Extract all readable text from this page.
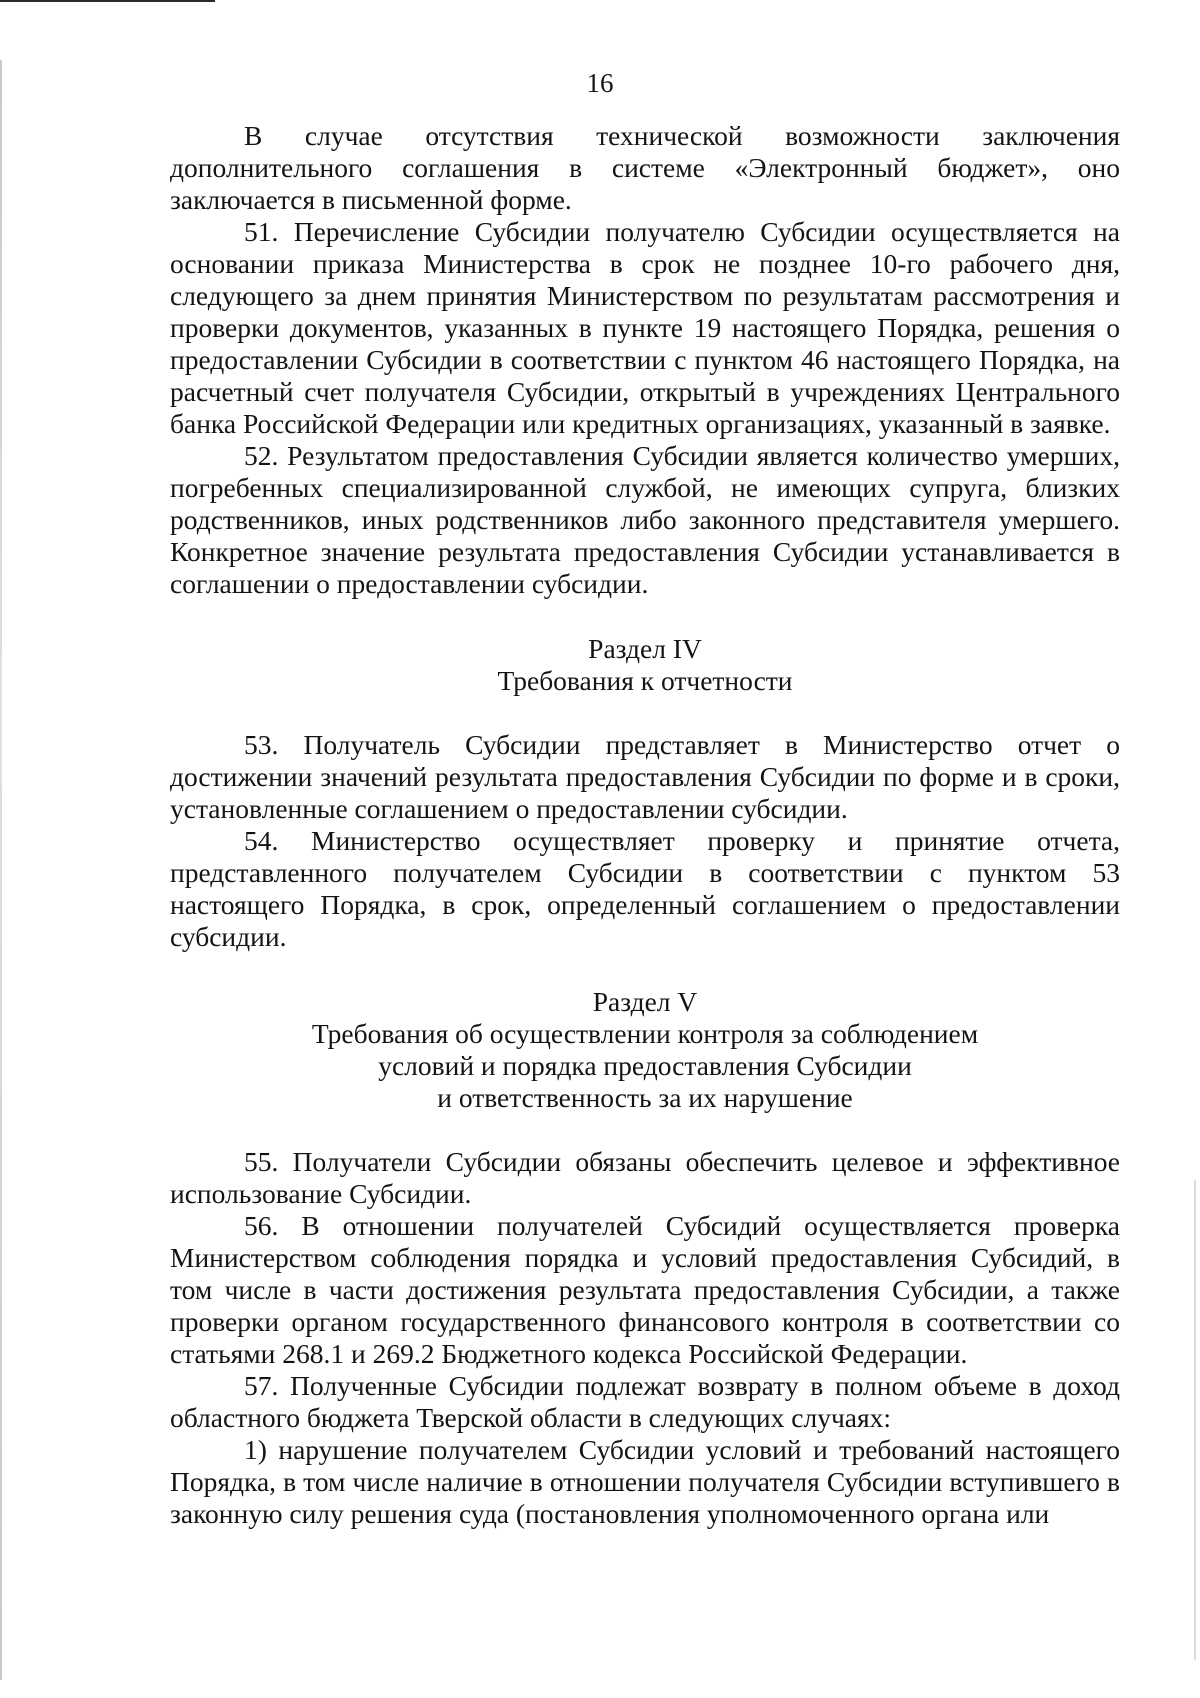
16

В случае отсутствия технической возможности заключения дополнительного соглашения в системе «Электронный бюджет», оно заключается в письменной форме.

51. Перечисление Субсидии получателю Субсидии осуществляется на основании приказа Министерства в срок не позднее 10-го рабочего дня, следующего за днем принятия Министерством по результатам рассмотрения и проверки документов, указанных в пункте 19 настоящего Порядка, решения о предоставлении Субсидии в соответствии с пунктом 46 настоящего Порядка, на расчетный счет получателя Субсидии, открытый в учреждениях Центрального банка Российской Федерации или кредитных организациях, указанный в заявке.

52. Результатом предоставления Субсидии является количество умерших, погребенных специализированной службой, не имеющих супруга, близких родственников, иных родственников либо законного представителя умершего. Конкретное значение результата предоставления Субсидии устанавливается в соглашении о предоставлении субсидии.

Раздел IV

Требования к отчетности

53. Получатель Субсидии представляет в Министерство отчет о достижении значений результата предоставления Субсидии по форме и в сроки, установленные соглашением о предоставлении субсидии.

54. Министерство осуществляет проверку и принятие отчета, представленного получателем Субсидии в соответствии с пунктом 53 настоящего Порядка, в срок, определенный соглашением о предоставлении субсидии.

Раздел V

Требования об осуществлении контроля за соблюдением

условий и порядка предоставления Субсидии

и ответственность за их нарушение

55. Получатели Субсидии обязаны обеспечить целевое и эффективное использование Субсидии.

56. В отношении получателей Субсидий осуществляется проверка Министерством соблюдения порядка и условий предоставления Субсидий, в том числе в части достижения результата предоставления Субсидии, а также проверки органом государственного финансового контроля в соответствии со статьями 268.1 и 269.2 Бюджетного кодекса Российской Федерации.

57. Полученные Субсидии подлежат возврату в полном объеме в доход областного бюджета Тверской области в следующих случаях:

1) нарушение получателем Субсидии условий и требований настоящего Порядка, в том числе наличие в отношении получателя Субсидии вступившего в законную силу решения суда (постановления уполномоченного органа или
